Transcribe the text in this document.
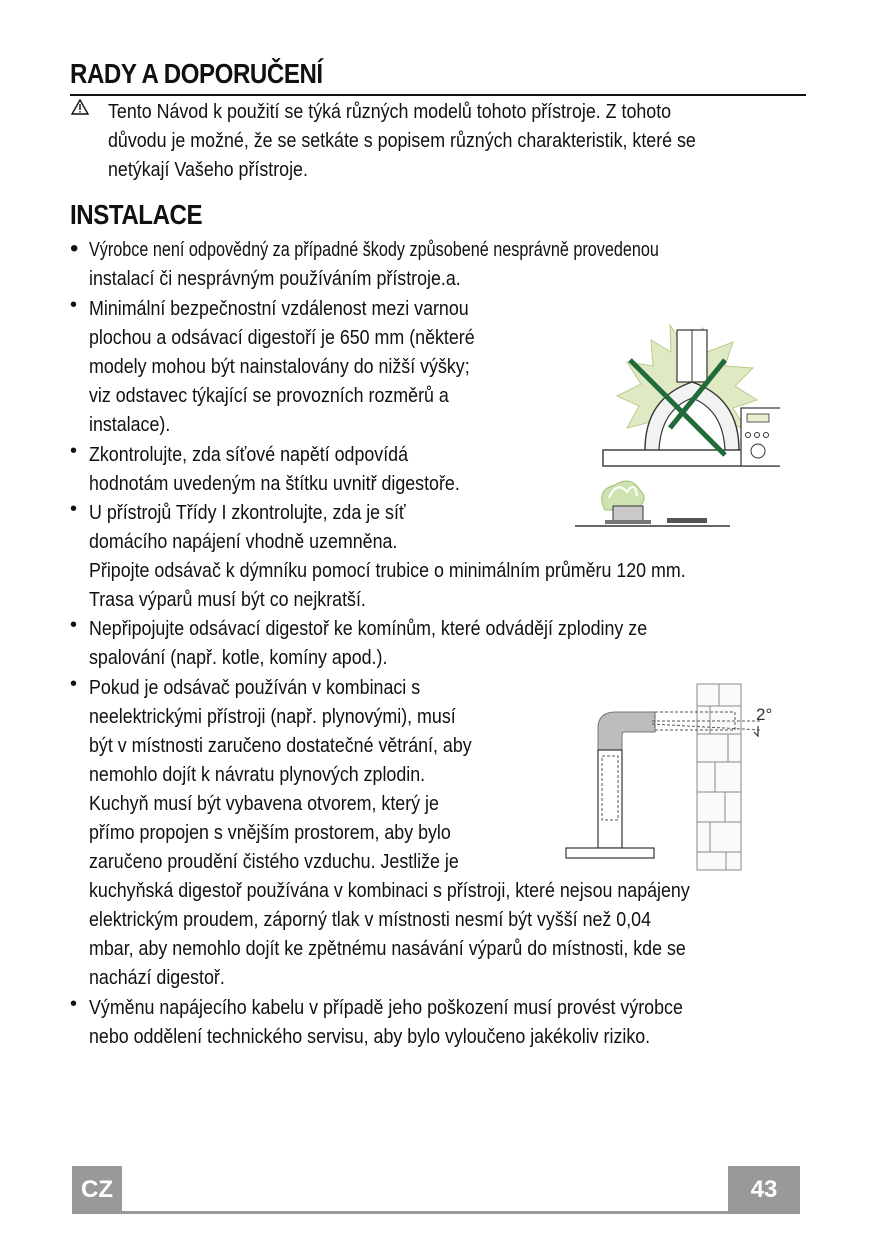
RADY A DOPORUČENÍ
Tento Návod k použití se týká různých modelů tohoto přístroje. Z tohoto
důvodu je možné, že se setkáte s popisem různých charakteristik, které se
netýkají Vašeho přístroje.
INSTALACE
• Výrobce není odpovědný za případné škody způsobené nesprávně provedenou
instalací či nesprávným používáním přístroje.a.
• Minimální bezpečnostní vzdálenost mezi varnou
plochou a odsávací digestoří je 650 mm (některé
modely mohou být nainstalovány do nižší výšky;
viz odstavec týkající se provozních rozměrů a
instalace).
• Zkontrolujte, zda síťové napětí odpovídá
hodnotám uvedeným na štítku uvnitř digestoře.
• U přístrojů Třídy I zkontrolujte, zda je síť
domácího napájení vhodně uzemněna.
Připojte odsávač k dýmníku pomocí trubice o minimálním průměru 120 mm.
Trasa výparů musí být co nejkratší.
• Nepřipojujte odsávací digestoř ke komínům, které odvádějí zplodiny ze
spalování (např. kotle, komíny apod.).
• Pokud je odsávač používán v kombinaci s
neelektrickými přístroji (např. plynovými), musí
být v místnosti zaručeno dostatečné větrání, aby
nemohlo dojít k návratu plynových zplodin.
Kuchyň musí být vybavena otvorem, který je
přímo propojen s vnějším prostorem, aby bylo
zaručeno proudění čistého vzduchu. Jestliže je
kuchyňská digestoř používána v kombinaci s přístroji, které nejsou napájeny
elektrickým proudem, záporný tlak v místnosti nesmí být vyšší než 0,04
mbar, aby nemohlo dojít ke zpětnému nasávání výparů do místnosti, kde se
nachází digestoř.
• Výměnu napájecího kabelu v případě jeho poškození musí provést výrobce
nebo oddělení technického servisu, aby bylo vyloučeno jakékoliv riziko.
2°
CZ	43
